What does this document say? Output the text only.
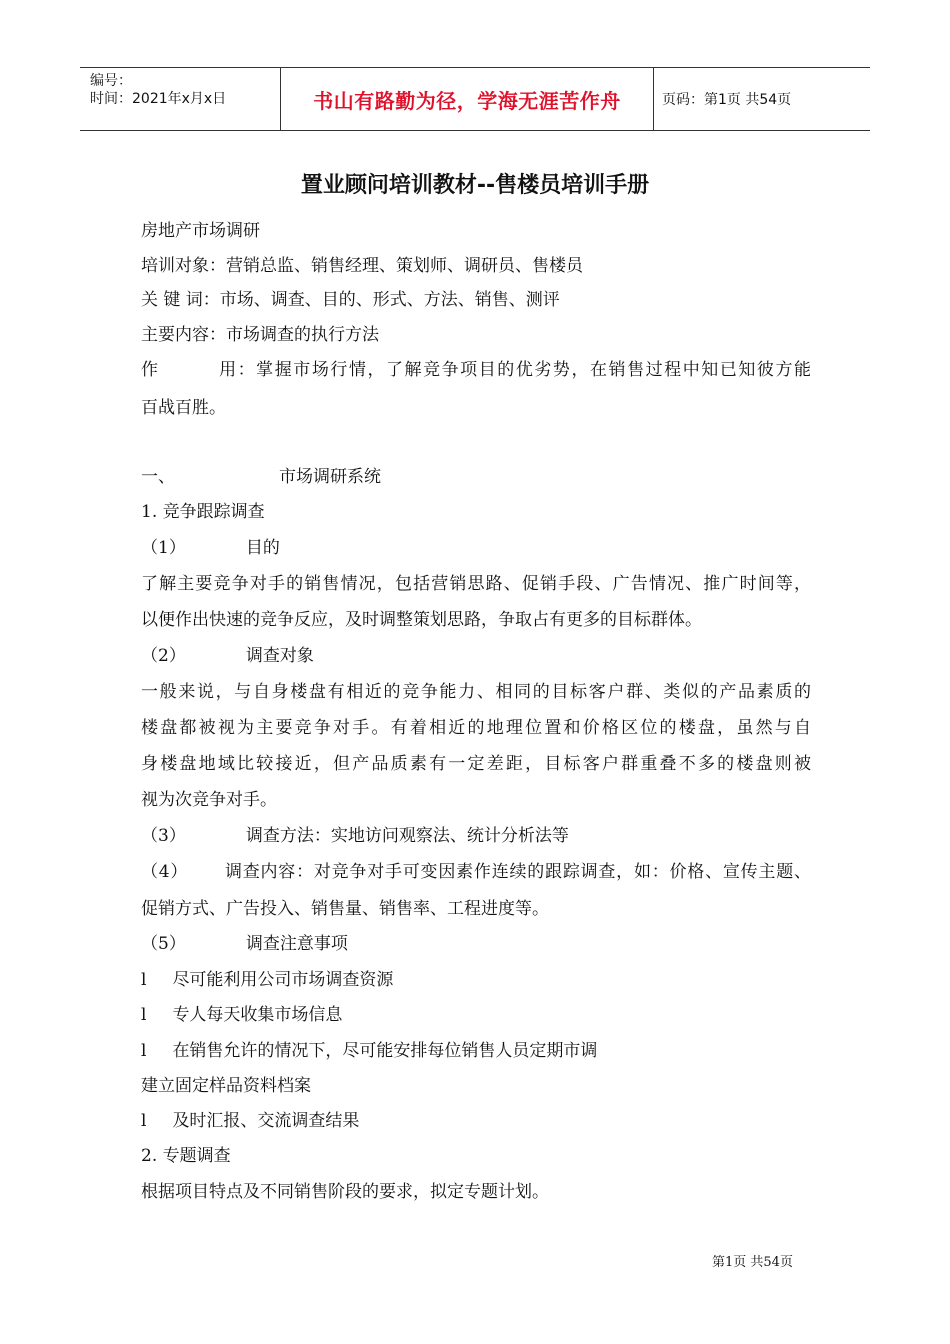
编号：
时间：2021年x月x日	书山有路勤为径，学海无涯苦作舟	页码：第1页 共54页
置业顾问培训教材--售楼员培训手册
房地产市场调研
培训对象：营销总监、销售经理、策划师、调研员、售楼员
关 键 词：市场、调查、目的、形式、方法、销售、测评
主要内容：市场调查的执行方法
作	用：掌握市场行情，了解竞争项目的优劣势，在销售过程中知已知彼方能
百战百胜。
一、	市场调研系统
1. 竞争跟踪调查
（1）	目的
了解主要竞争对手的销售情况，包括营销思路、促销手段、广告情况、推广时间等，
以便作出快速的竞争反应，及时调整策划思路，争取占有更多的目标群体。
（2）	调查对象
一般来说，与自身楼盘有相近的竞争能力、相同的目标客户群、类似的产品素质的
楼盘都被视为主要竞争对手。有着相近的地理位置和价格区位的楼盘，虽然与自
身楼盘地域比较接近，但产品质素有一定差距，目标客户群重叠不多的楼盘则被
视为次竞争对手。
（3）	调查方法：实地访问观察法、统计分析法等
（4） 调查内容：对竞争对手可变因素作连续的跟踪调查，如：价格、宣传主题、
促销方式、广告投入、销售量、销售率、工程进度等。
（5）	调查注意事项
l 尽可能利用公司市场调查资源
l 专人每天收集市场信息
l 在销售允许的情况下，尽可能安排每位销售人员定期市调
建立固定样品资料档案
l 及时汇报、交流调查结果
2. 专题调查
根据项目特点及不同销售阶段的要求，拟定专题计划。
第1页 共54页
